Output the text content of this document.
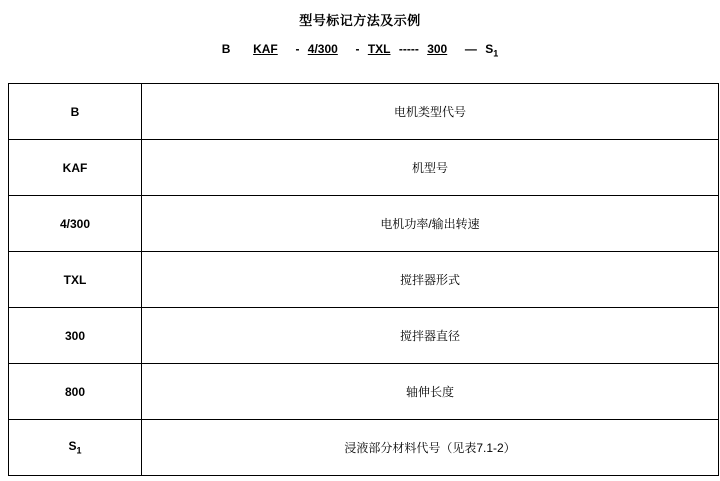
型号标记方法及示例
B KAF - 4/300 - TXL ----- 300 — $S_1$
B	电机类型代号
KAF	机型号
4/300	电机功率/输出转速
TXL	搅拌器形式
300	搅拌器直径
800	轴伸长度
$S_1$	浸液部分材料代号（见表7.1-2）
